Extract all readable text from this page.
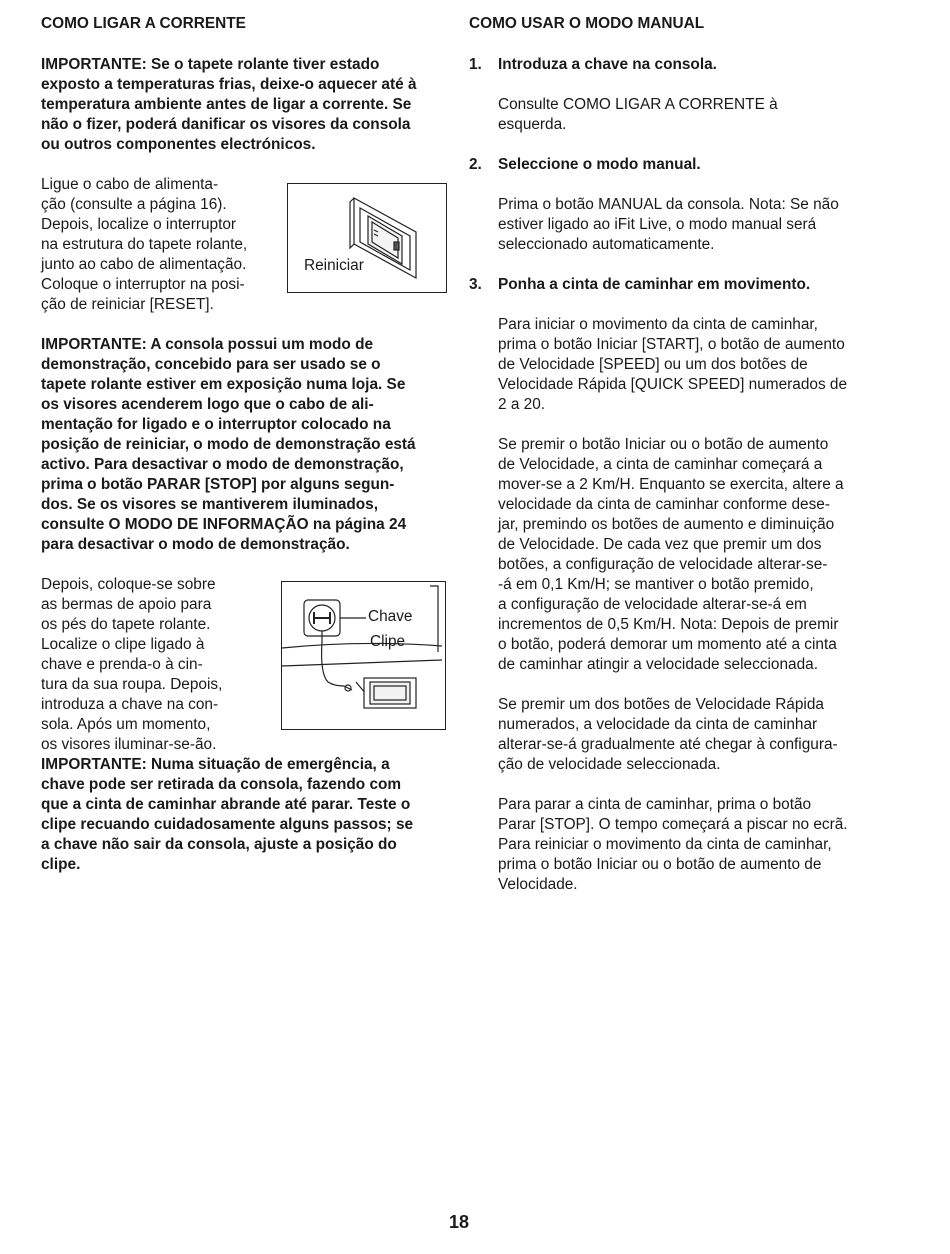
COMO LIGAR A CORRENTE

IMPORTANTE: Se o tapete rolante tiver estado
exposto a temperaturas frias, deixe-o aquecer até à
temperatura ambiente antes de ligar a corrente. Se
não o fizer, poderá danificar os visores da consola
ou outros componentes electrónicos.

Ligue o cabo de alimenta-
ção (consulte a página 16).
Depois, localize o interruptor
na estrutura do tapete rolante,
junto ao cabo de alimentação.
Coloque o interruptor na posi-
ção de reiniciar [RESET].

Reiniciar

IMPORTANTE: A consola possui um modo de
demonstração, concebido para ser usado se o
tapete rolante estiver em exposição numa loja. Se
os visores acenderem logo que o cabo de ali-
mentação for ligado e o interruptor colocado na
posição de reiniciar, o modo de demonstração está
activo. Para desactivar o modo de demonstração,
prima o botão PARAR [STOP] por alguns segun-
dos. Se os visores se mantiverem iluminados,
consulte O MODO DE INFORMAÇÃO na página 24
para desactivar o modo de demonstração.

Depois, coloque-se sobre
as bermas de apoio para
os pés do tapete rolante.
Localize o clipe ligado à
chave e prenda-o à cin-
tura da sua roupa. Depois,
introduza a chave na con-
sola. Após um momento,
os visores iluminar-se-ão.

Chave
Clipe

IMPORTANTE: Numa situação de emergência, a
chave pode ser retirada da consola, fazendo com
que a cinta de caminhar abrande até parar. Teste o
clipe recuando cuidadosamente alguns passos; se
a chave não sair da consola, ajuste a posição do
clipe.

COMO USAR O MODO MANUAL
1. Introduza a chave na consola.

Consulte COMO LIGAR A CORRENTE à
esquerda.

2. Seleccione o modo manual.

Prima o botão MANUAL da consola. Nota: Se não
estiver ligado ao iFit Live, o modo manual será
seleccionado automaticamente.

3. Ponha a cinta de caminhar em movimento.

Para iniciar o movimento da cinta de caminhar,
prima o botão Iniciar [START], o botão de aumento
de Velocidade [SPEED] ou um dos botões de
Velocidade Rápida [QUICK SPEED] numerados de
2 a 20.

Se premir o botão Iniciar ou o botão de aumento
de Velocidade, a cinta de caminhar começará a
mover-se a 2 Km/H. Enquanto se exercita, altere a
velocidade da cinta de caminhar conforme dese-
jar, premindo os botões de aumento e diminuição
de Velocidade. De cada vez que premir um dos
botões, a configuração de velocidade alterar-se-
-á em 0,1 Km/H; se mantiver o botão premido,
a configuração de velocidade alterar-se-á em
incrementos de 0,5 Km/H. Nota: Depois de premir
o botão, poderá demorar um momento até a cinta
de caminhar atingir a velocidade seleccionada.

Se premir um dos botões de Velocidade Rápida
numerados, a velocidade da cinta de caminhar
alterar-se-á gradualmente até chegar à configura-
ção de velocidade seleccionada.

Para parar a cinta de caminhar, prima o botão
Parar [STOP]. O tempo começará a piscar no ecrã.
Para reiniciar o movimento da cinta de caminhar,
prima o botão Iniciar ou o botão de aumento de
Velocidade.

18
